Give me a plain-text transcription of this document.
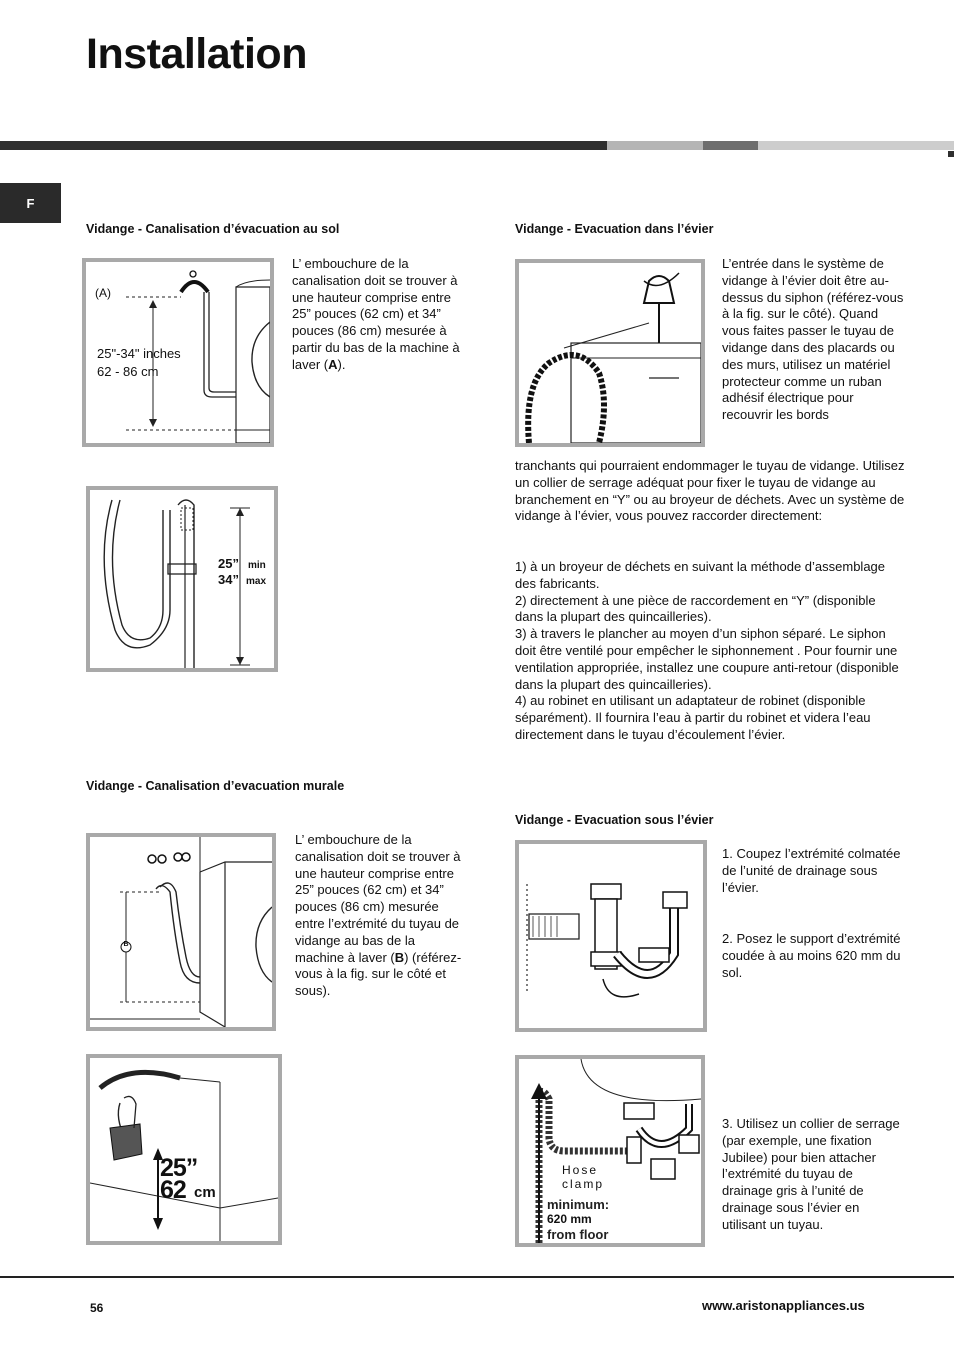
Installation
F
Vidange - Canalisation d’évacuation au sol
(A)
25"-34" inches
62 - 86 cm
L’ embouchure de la canalisation doit se trouver à une hauteur comprise entre 25” pouces (62 cm) et 34” pouces (86 cm) mesurée à partir du bas de la machine à laver (A).
25” min
34” max
Vidange - Canalisation d’evacuation murale
B
L’ embouchure de la canalisation doit se trouver à une hauteur comprise entre 25” pouces (62 cm) et 34” pouces (86 cm) mesurée entre l’extrémité du tuyau de vidange au bas de la machine à laver (B) (référez-vous à la fig. sur le côté et sous).
25”
62 cm
Vidange - Evacuation dans l’évier
L’entrée dans le système de vidange à l’évier doit être au-dessus du siphon (référez-vous à la fig. sur le côté). Quand vous faites passer le tuyau de vidange dans des placards ou des murs, utilisez un matériel protecteur comme un ruban adhésif électrique pour recouvrir les bords
tranchants qui pourraient endommager le tuyau de vidange. Utilisez un collier de serrage adéquat pour fixer le tuyau de vidange au branchement en “Y” ou au broyeur de déchets. Avec un système de vidange à l’évier, vous pouvez raccorder directement:
1) à un broyeur de déchets en suivant la méthode d’assemblage des fabricants.
2) directement à une pièce de raccordement en “Y” (disponible dans la plupart des quincailleries).
3) à travers le plancher au moyen d’un siphon séparé. Le siphon doit être ventilé pour empêcher le siphonnement . Pour fournir une ventilation appropriée, installez une coupure anti-retour (disponible dans la plupart des quincailleries).
4) au robinet en utilisant un adaptateur de robinet (disponible séparément). Il fournira l’eau à partir du robinet et videra l’eau directement dans le tuyau d’écoulement l’évier.
Vidange - Evacuation sous l’évier
1. Coupez l’extrémité colmatée de l’unité de drainage sous l’évier.
2. Posez le support d’extrémité coudée à au moins 620 mm du sol.
Hose
clamp
minimum:
620 mm
from floor
3. Utilisez un collier de serrage (par exemple, une fixation Jubilee) pour bien attacher l’extrémité du tuyau de drainage gris à l’unité de drainage sous l’évier en utilisant un tuyau.
56	www.aristonappliances.us
